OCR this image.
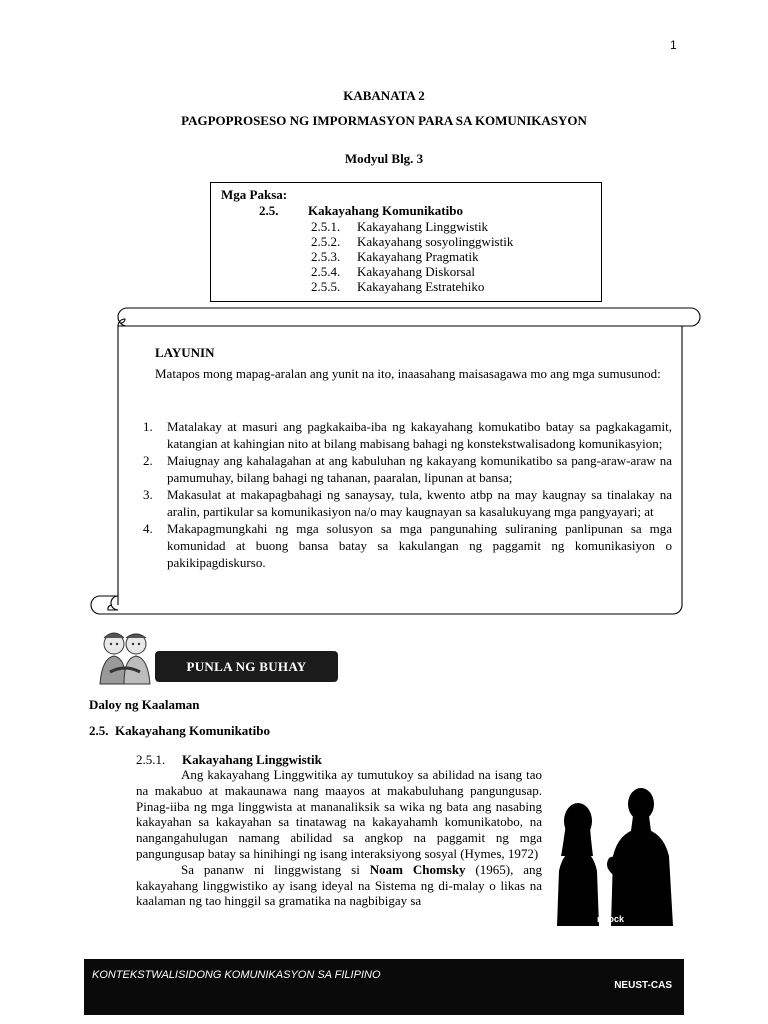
1
KABANATA 2
PAGPOPROSESO NG IMPORMASYON PARA SA KOMUNIKASYON
Modyul Blg. 3
Mga Paksa:
2.5. Kakayahang Komunikatibo
2.5.1. Kakayahang Linggwistik
2.5.2. Kakayahang sosyolinggwistik
2.5.3. Kakayahang Pragmatik
2.5.4. Kakayahang Diskorsal
2.5.5. Kakayahang Estratehiko
LAYUNIN
Matapos mong mapag-aralan ang yunit na ito, inaasahang maisasagawa mo ang mga sumusunod:
1. Matalakay at masuri ang pagkakaiba-iba ng kakayahang komukatibo batay sa pagkakagamit, katangian at kahingian nito at bilang mabisang bahagi ng konstekstwalisadong komunikasyion;
2. Maiugnay ang kahalagahan at ang kabuluhan ng kakayang komunikatibo sa pang-araw-araw na pamumuhay, bilang bahagi ng tahanan, paaralan, lipunan at bansa;
3. Makasulat at makapagbahagi ng sanaysay, tula, kwento atbp na may kaugnay sa tinalakay na aralin, partikular sa komunikasiyon na/o may kaugnayan sa kasalukuyang mga pangyayari; at
4. Makapagmungkahi ng mga solusyon sa mga pangunahing suliraning panlipunan sa mga komunidad at buong bansa batay sa kakulangan ng paggamit ng komunikasiyon o pakikipagdiskurso.
PUNLA NG BUHAY
Daloy ng Kaalaman
2.5.  Kakayahang Komunikatibo
2.5.1. Kakayahang Linggwistik

Ang kakayahang Linggwitika ay tumutukoy sa abilidad na isang tao na makabuo at makaunawa nang maayos at makabuluhang pangungusap. Pinag-iiba ng mga linggwista at mananaliksik sa wika ng bata ang nasabing kakayahan sa kakayahan sa tinatawag na kakayahamh komunikatobo, na nangangahulugan namang abilidad sa angkop na paggamit ng mga pangungusap batay sa hinihingi ng isang interaksiyong sosyal (Hymes, 1972)

Sa pananw ni linggwistang si Noam Chomsky (1965), ang kakayahang linggwistiko ay isang ideyal na Sistema ng di-malay o likas na kaalaman ng tao hinggil sa gramatika na nagbibigay sa

rstock
KONTEKSTWALISIDONG KOMUNIKASYON SA FILIPINO
NEUST-CAS
